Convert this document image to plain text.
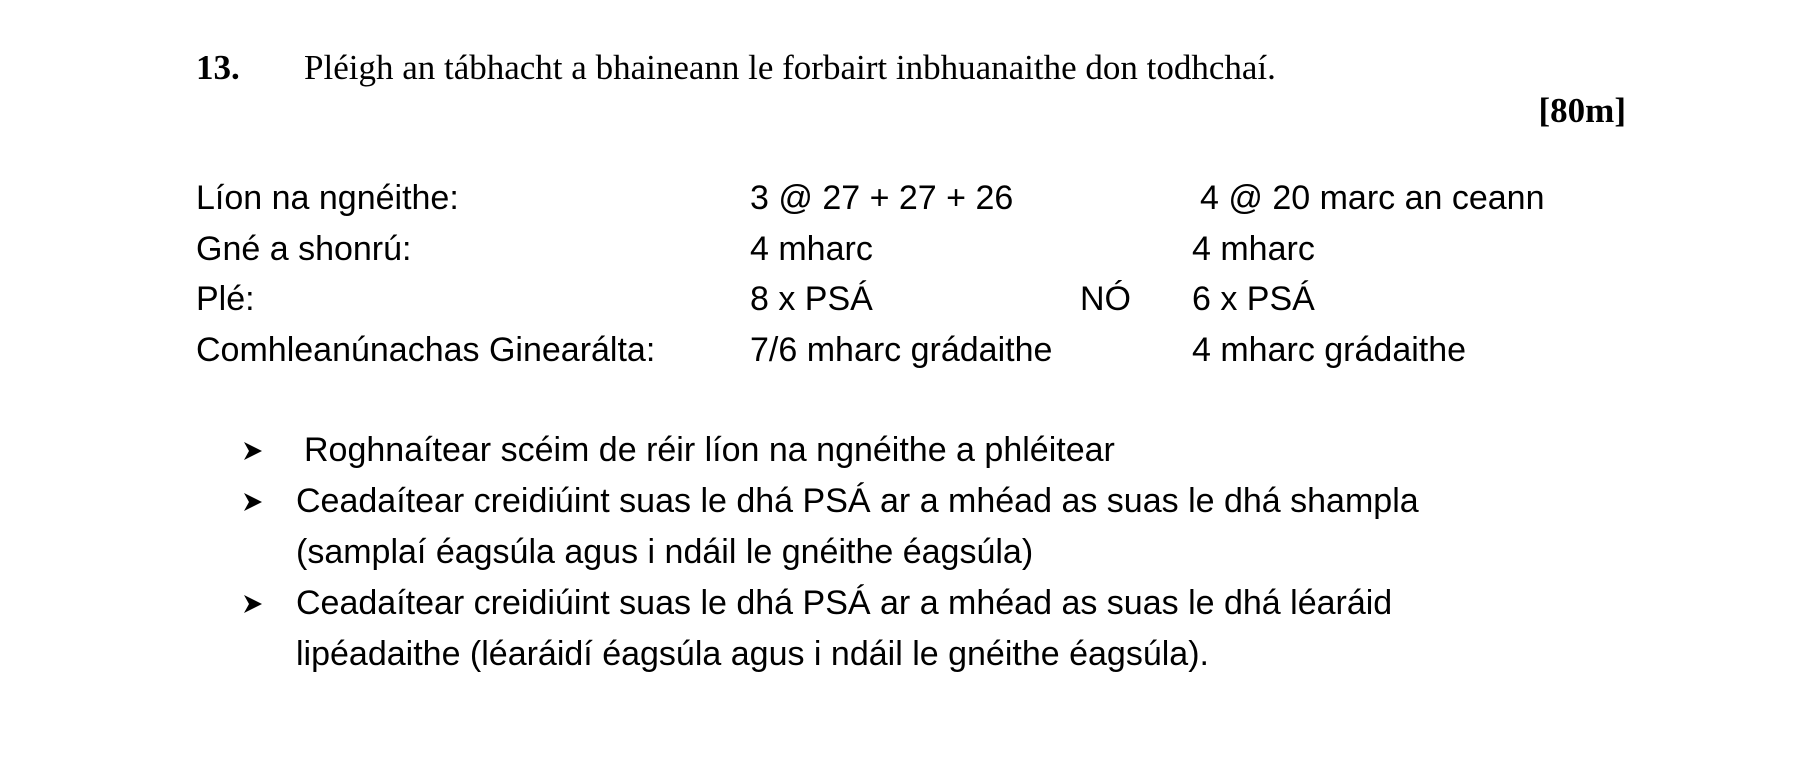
13. Pléigh an tábhacht a bhaineann le forbairt inbhuanaithe don todhchaí.
[80m]
Líon na ngnéithe:	3 @ 27 + 27 + 26	4 @ 20 marc an ceann
Gné a shonrú:	4 mharc	4 mharc
Plé:	8 x PSÁ	NÓ 6 x PSÁ
Comhleanúnachas Ginearálta:	7/6 mharc grádaithe	4 mharc grádaithe
Roghnaítear scéim de réir líon na ngnéithe a phléitear
Ceadaítear creidiúint suas le dhá PSÁ ar a mhéad as suas le dhá shampla
(samplaí éagsúla agus i ndáil le gnéithe éagsúla)
Ceadaítear creidiúint suas le dhá PSÁ ar a mhéad as suas le dhá léaráid
lipéadaithe (léaráidí éagsúla agus i ndáil le gnéithe éagsúla).
